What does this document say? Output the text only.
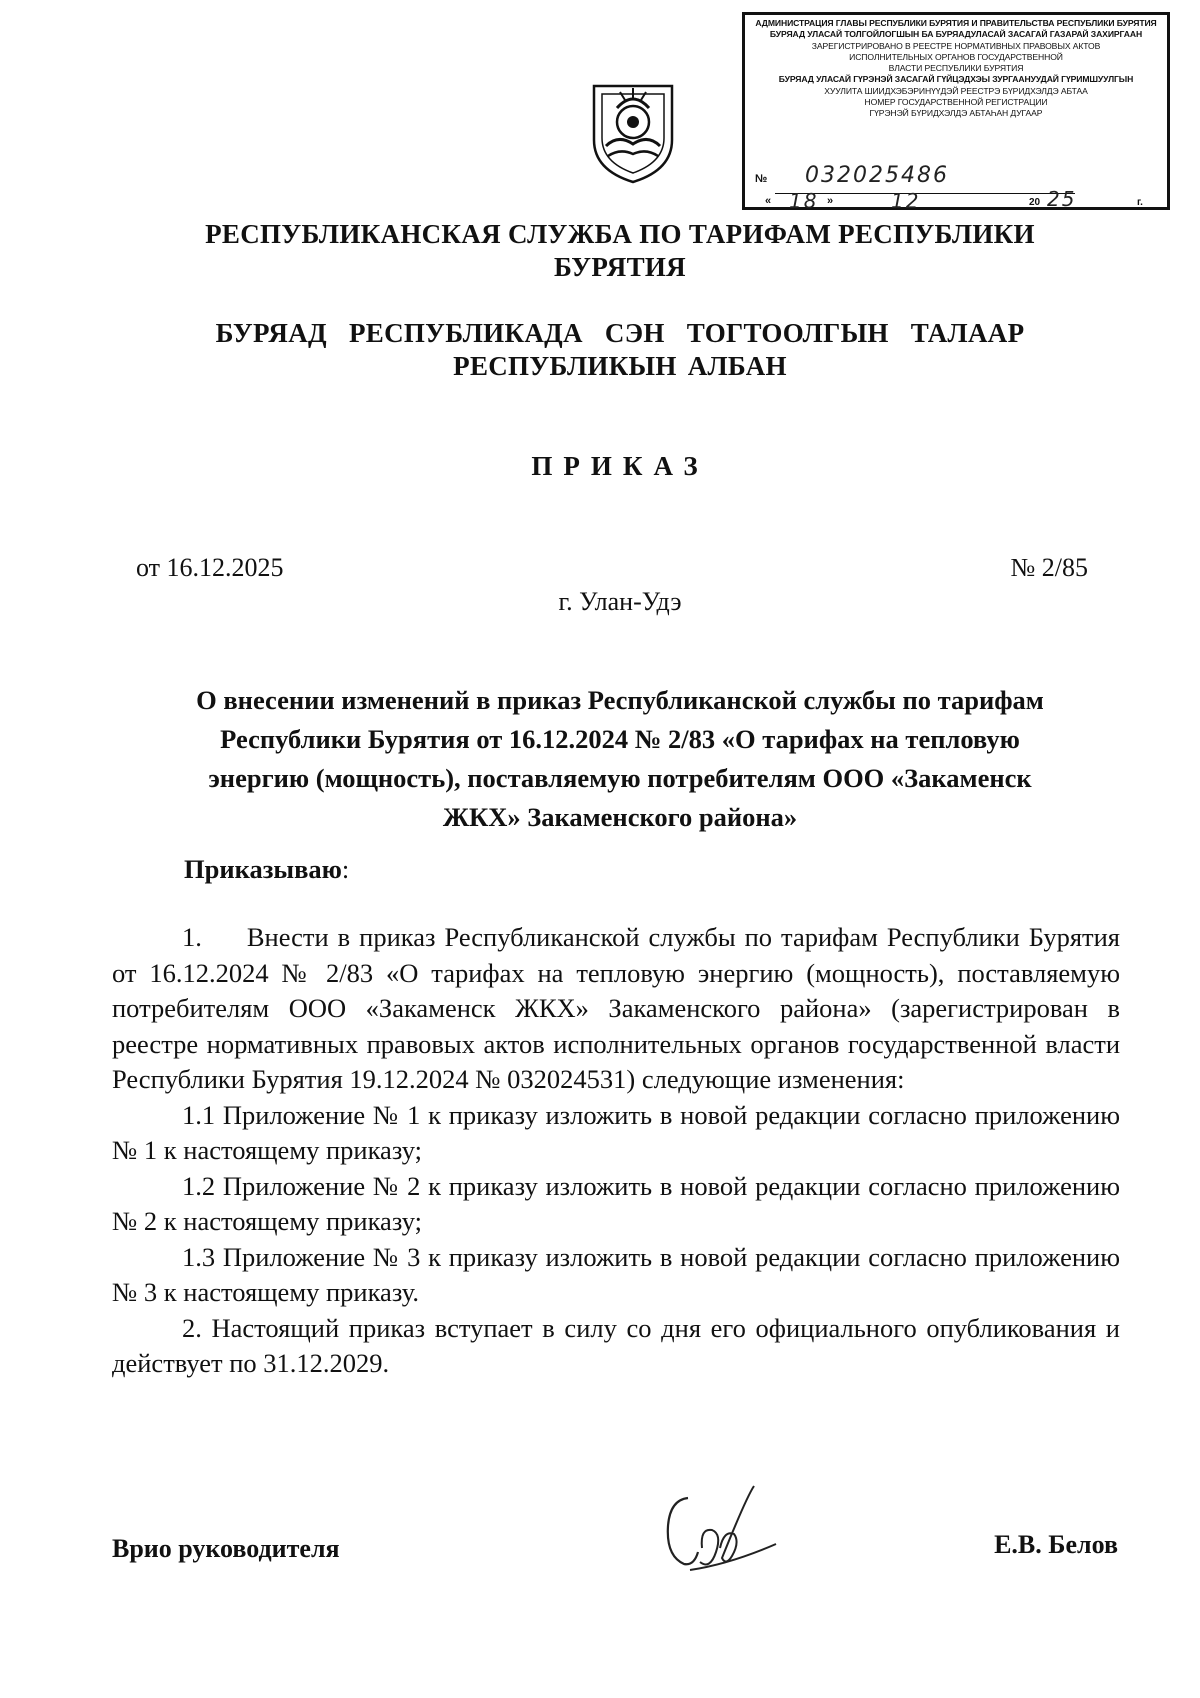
АДМИНИСТРАЦИЯ ГЛАВЫ РЕСПУБЛИКИ БУРЯТИЯ И ПРАВИТЕЛЬСТВА РЕСПУБЛИКИ БУРЯТИЯ
БУРЯАД УЛАСАЙ ТОЛГОЙЛОГШЫН БА БУРЯАДУЛАСАЙ ЗАСАГАЙ ГАЗАРАЙ ЗАХИРГААН
ЗАРЕГИСТРИРОВАНО В РЕЕСТРЕ НОРМАТИВНЫХ ПРАВОВЫХ АКТОВ
ИСПОЛНИТЕЛЬНЫХ ОРГАНОВ ГОСУДАРСТВЕННОЙ
ВЛАСТИ РЕСПУБЛИКИ БУРЯТИЯ
БУРЯАД УЛАСАЙ ГҮРЭНЭЙ ЗАСАГАЙ ГҮЙЦЭДХЭЫ ЗУРГААНУУДАЙ ГҮРИМШУУЛГЫН
ХУУЛИТА ШИИДХЭБЭРИНҮҮДЭЙ РЕЕСТРЭ БҮРИДХЭЛДЭ АБТАА
НОМЕР ГОСУДАРСТВЕННОЙ РЕГИСТРАЦИИ
ГҮРЭНЭЙ БҮРИДХЭЛДЭ АБТАҺАН ДУГААР
№ 032025486
« 18 »	12	20 25	г.
РЕСПУБЛИКАНСКАЯ СЛУЖБА ПО ТАРИФАМ РЕСПУБЛИКИ
БУРЯТИЯ
БУРЯАД  РЕСПУБЛИКАДА  СЭН  ТОГТООЛГЫН  ТАЛААР
РЕСПУБЛИКЫН АЛБАН
ПРИКАЗ
от 16.12.2025	№ 2/85
г. Улан-Удэ
О внесении изменений в приказ Республиканской службы по тарифам
Республики Бурятия от 16.12.2024 № 2/83 «О тарифах на тепловую
энергию (мощность), поставляемую потребителям ООО «Закаменск
ЖКХ» Закаменского района»
Приказываю:

1.     Внести в приказ Республиканской службы по тарифам Республики Бурятия от 16.12.2024 № 2/83 «О тарифах на тепловую энергию (мощность), поставляемую потребителям ООО «Закаменск ЖКХ» Закаменского района» (зарегистрирован в реестре нормативных правовых актов исполнительных органов государственной власти Республики Бурятия 19.12.2024 № 032024531) следующие изменения:

1.1 Приложение № 1 к приказу изложить в новой редакции согласно приложению № 1 к настоящему приказу;

1.2 Приложение № 2 к приказу изложить в новой редакции согласно приложению № 2 к настоящему приказу;

1.3 Приложение № 3 к приказу изложить в новой редакции согласно приложению № 3 к настоящему приказу.

2. Настоящий приказ вступает в силу со дня его официального опубликования и действует по 31.12.2029.

Врио руководителя	Е.В. Белов
